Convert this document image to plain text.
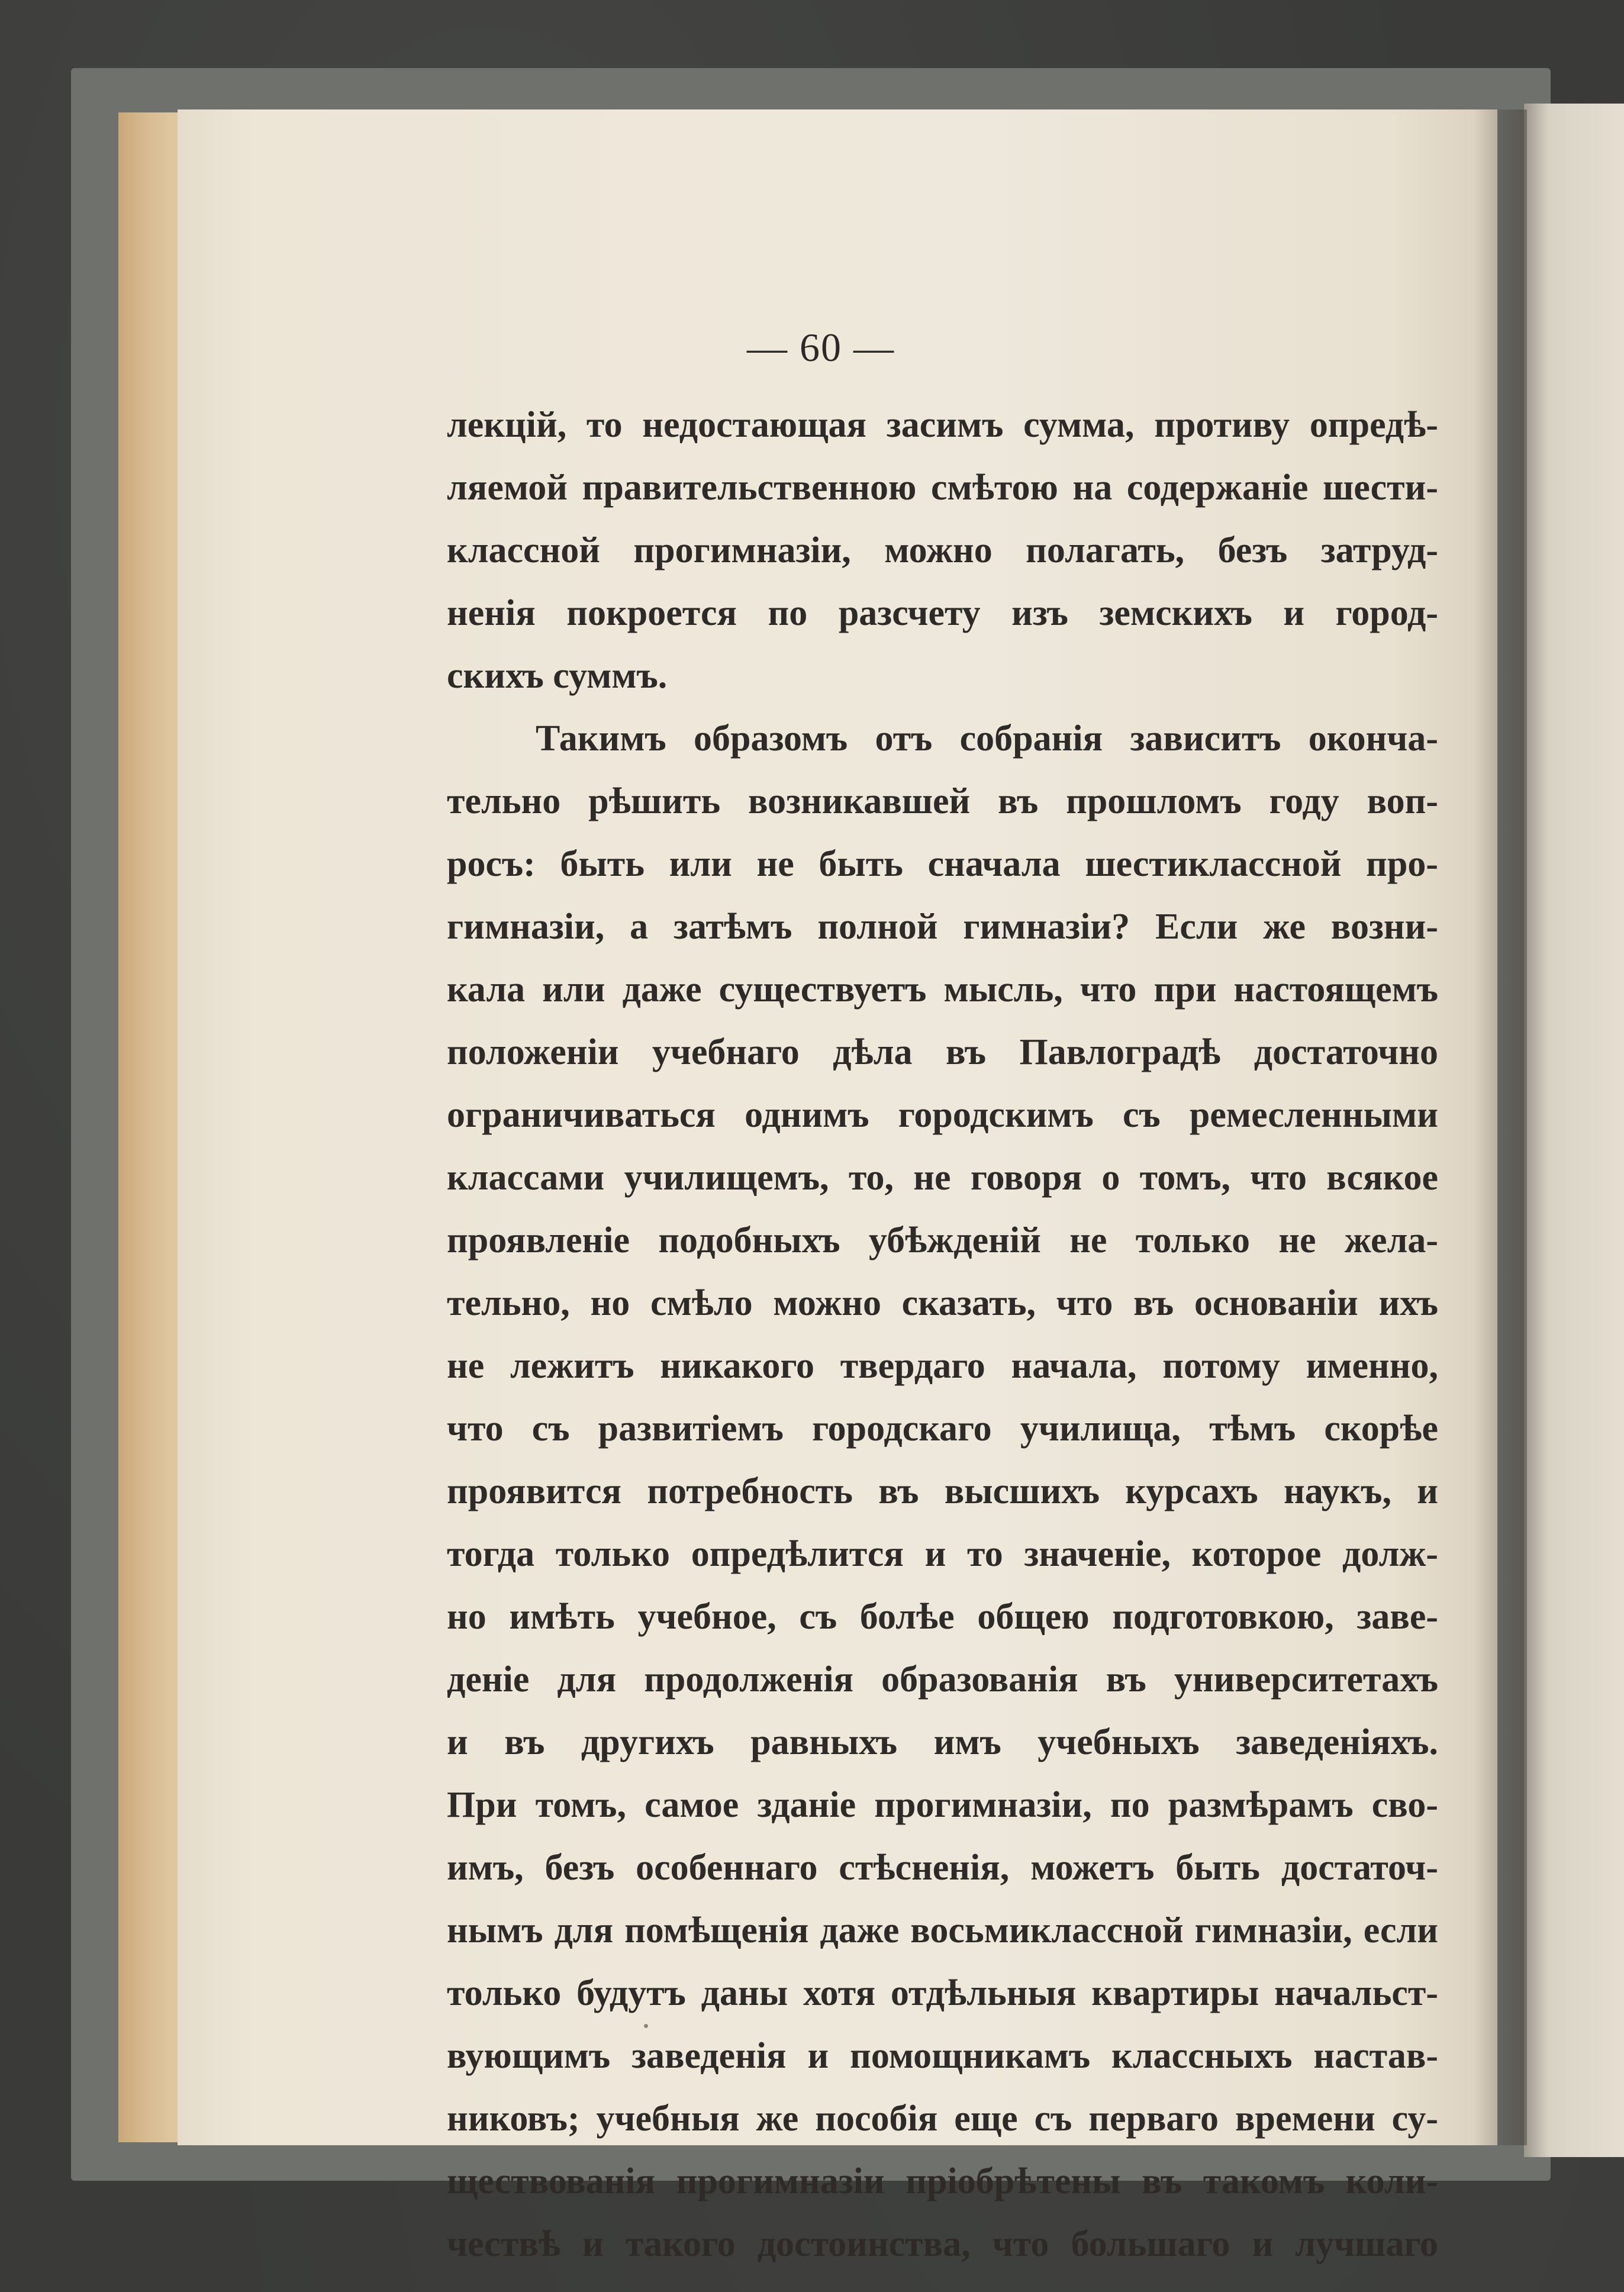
— 60 —
лекцій, то недостающая засимъ сумма, противу опредѣ-
ляемой правительственною смѣтою на содержаніе шести-
классной прогимназіи, можно полагать, безъ затруд-
ненія покроется по разсчету изъ земскихъ и город-
скихъ суммъ.
Такимъ образомъ отъ собранія зависитъ оконча-
тельно рѣшить возникавшей въ прошломъ году воп-
росъ: быть или не быть сначала шестиклассной про-
гимназіи, а затѣмъ полной гимназіи? Если же возни-
кала или даже существуетъ мысль, что при настоящемъ
положеніи учебнаго дѣла въ Павлоградѣ достаточно
ограничиваться однимъ городскимъ съ ремесленными
классами училищемъ, то, не говоря о томъ, что всякое
проявленіе подобныхъ убѣжденій не только не жела-
тельно, но смѣло можно сказать, что въ основаніи ихъ
не лежитъ никакого твердаго начала, потому именно,
что съ развитіемъ городскаго училища, тѣмъ скорѣе
проявится потребность въ высшихъ курсахъ наукъ, и
тогда только опредѣлится и то значеніе, которое долж-
но имѣть учебное, съ болѣе общею подготовкою, заве-
деніе для продолженія образованія въ университетахъ
и въ другихъ равныхъ имъ учебныхъ заведеніяхъ.
При томъ, самое зданіе прогимназіи, по размѣрамъ сво-
имъ, безъ особеннаго стѣсненія, можетъ быть достаточ-
нымъ для помѣщенія даже восьмиклассной гимназіи, если
только будутъ даны хотя отдѣльныя квартиры начальст-
вующимъ заведенія и помощникамъ классныхъ настав-
никовъ; учебныя же пособія еще съ перваго времени су-
ществованія прогимназіи пріобрѣтены въ такомъ коли-
чествѣ и такого достоинства, что большаго и лучшаго
